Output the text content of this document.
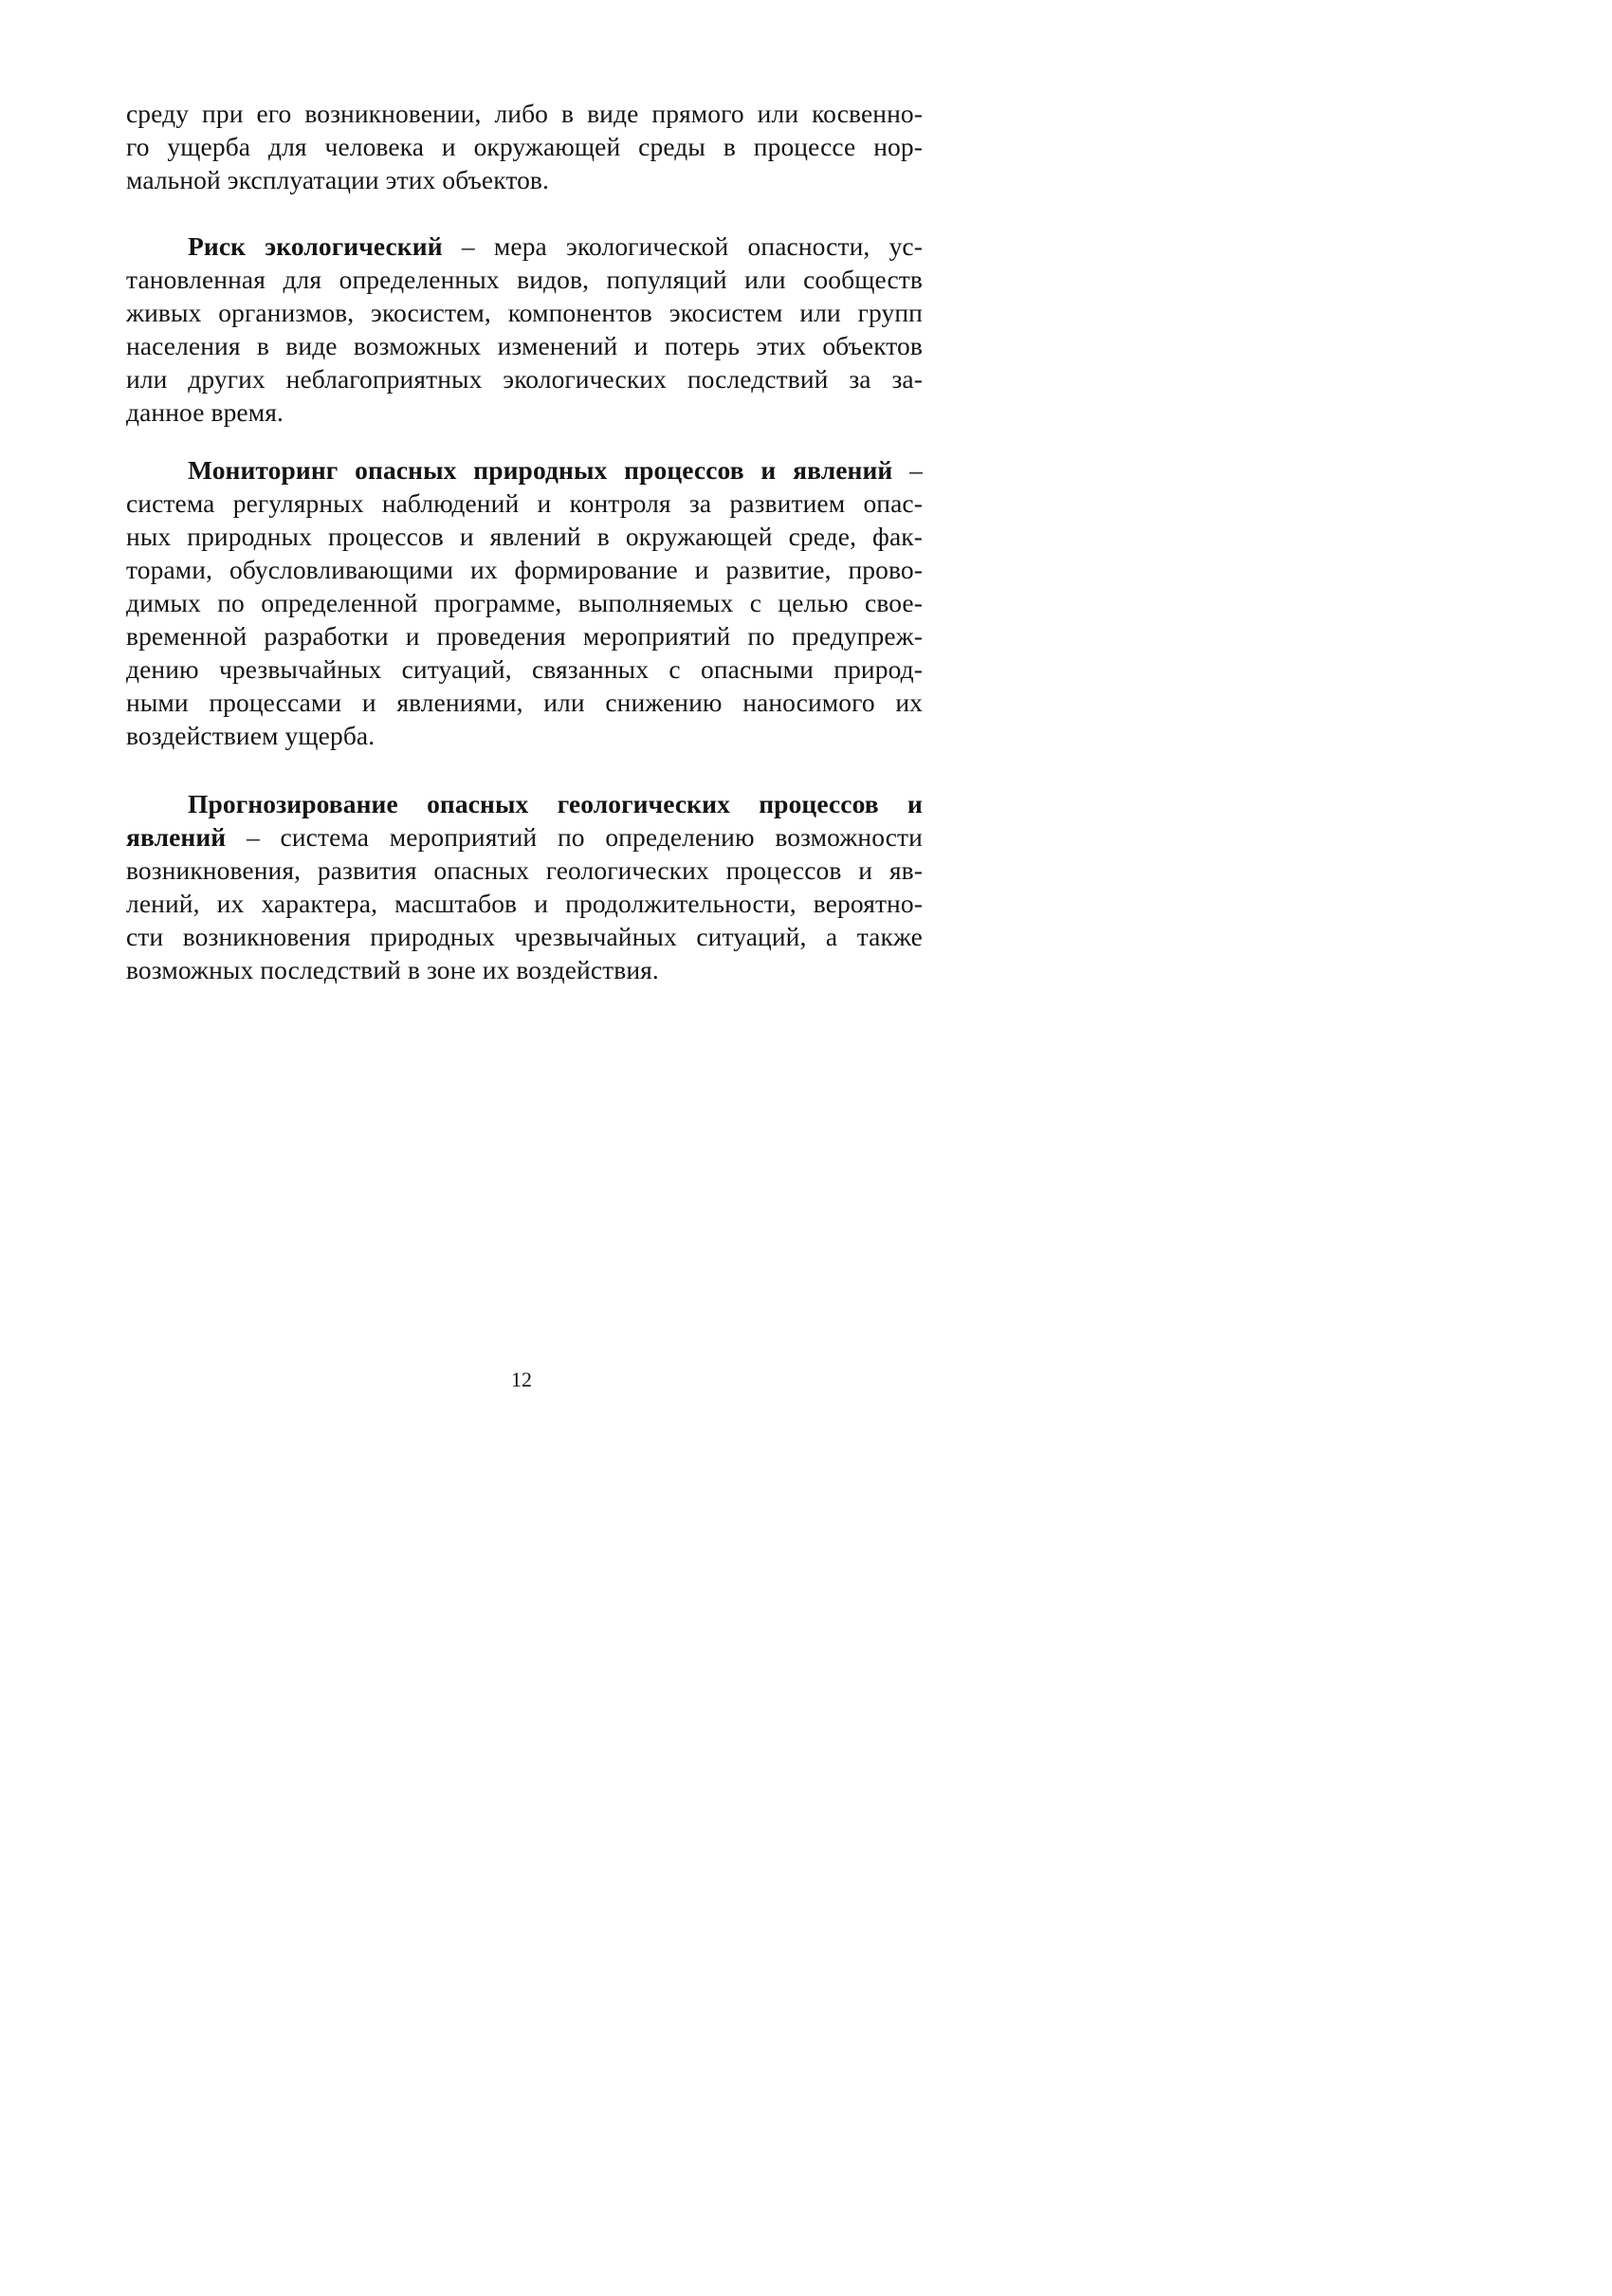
среду при его возникновении, либо в виде прямого или косвенно-
го ущерба для человека и окружающей среды в процессе нор-
мальной эксплуатации этих объектов.

Риск экологический – мера экологической опасности, ус-
тановленная для определенных видов, популяций или сообществ
живых организмов, экосистем, компонентов экосистем или групп
населения в виде возможных изменений и потерь этих объектов
или других неблагоприятных экологических последствий за за-
данное время.

Мониторинг опасных природных процессов и явлений –
система регулярных наблюдений и контроля за развитием опас-
ных природных процессов и явлений в окружающей среде, фак-
торами, обусловливающими их формирование и развитие, прово-
димых по определенной программе, выполняемых с целью свое-
временной разработки и проведения мероприятий по предупреж-
дению чрезвычайных ситуаций, связанных с опасными природ-
ными процессами и явлениями, или снижению наносимого их
воздействием ущерба.

Прогнозирование опасных геологических процессов и
явлений – система мероприятий по определению возможности
возникновения, развития опасных геологических процессов и яв-
лений, их характера, масштабов и продолжительности, вероятно-
сти возникновения природных чрезвычайных ситуаций, а также
возможных последствий в зоне их воздействия.

12
